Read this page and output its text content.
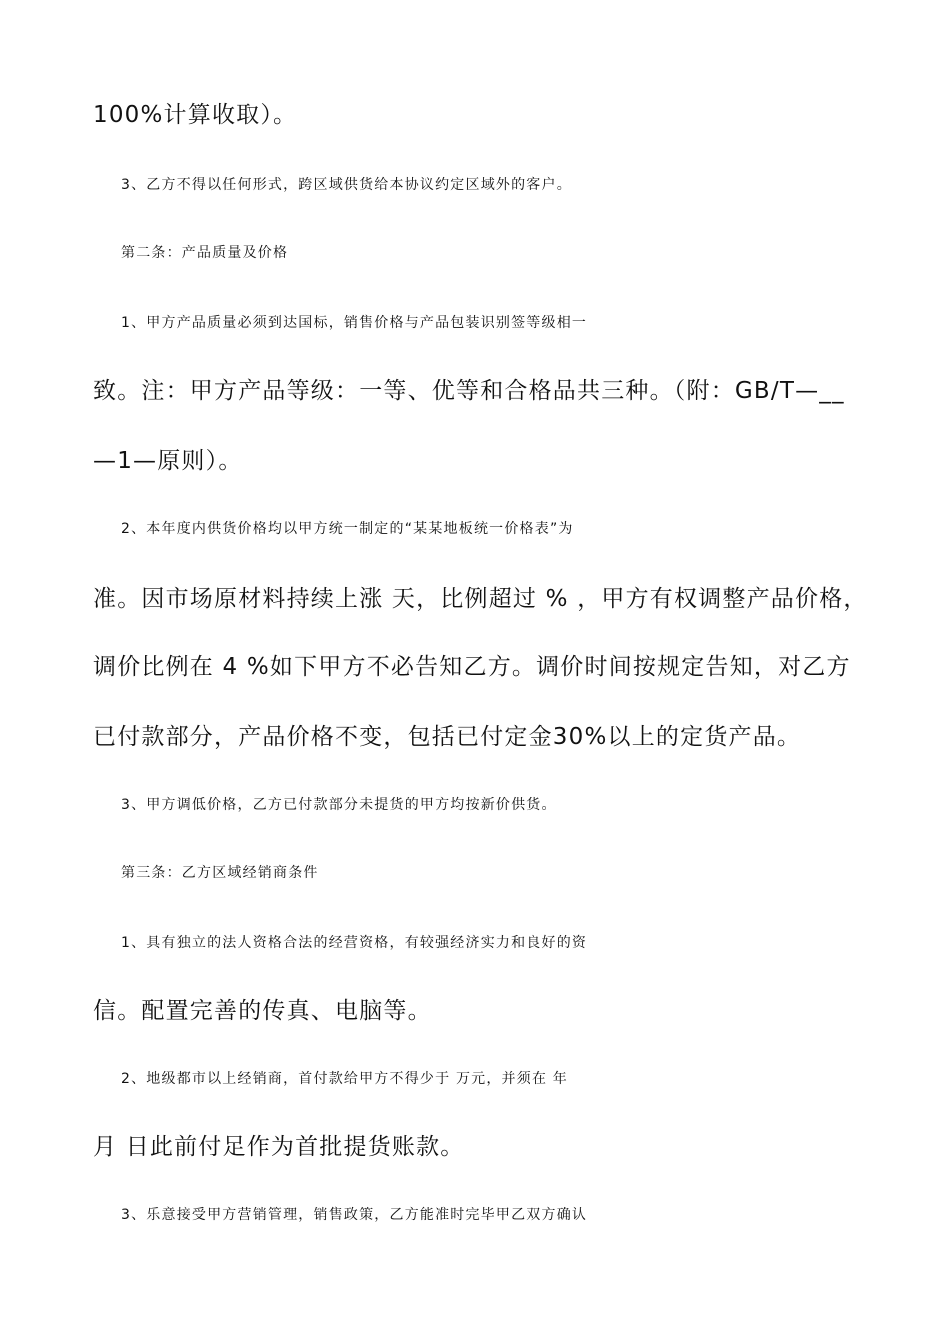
100%计算收取）。
3、乙方不得以任何形式，跨区域供货给本协议约定区域外的客户。
第二条：产品质量及价格
1、甲方产品质量必须到达国标，销售价格与产品包装识别签等级相一
致。注：甲方产品等级：一等、优等和合格品共三种。（附：GB/T—__
—1—原则）。
2、本年度内供货价格均以甲方统一制定的“某某地板统一价格表”为
准。因市场原材料持续上涨 天，比例超过 % ，甲方有权调整产品价格，
调价比例在 4 %如下甲方不必告知乙方。调价时间按规定告知，对乙方
已付款部分，产品价格不变，包括已付定金30%以上的定货产品。
3、甲方调低价格，乙方已付款部分未提货的甲方均按新价供货。
第三条：乙方区域经销商条件
1、具有独立的法人资格合法的经营资格，有较强经济实力和良好的资
信。配置完善的传真、电脑等。
2、地级都市以上经销商，首付款给甲方不得少于 万元，并须在 年
月 日此前付足作为首批提货账款。
3、乐意接受甲方营销管理，销售政策，乙方能准时完毕甲乙双方确认
